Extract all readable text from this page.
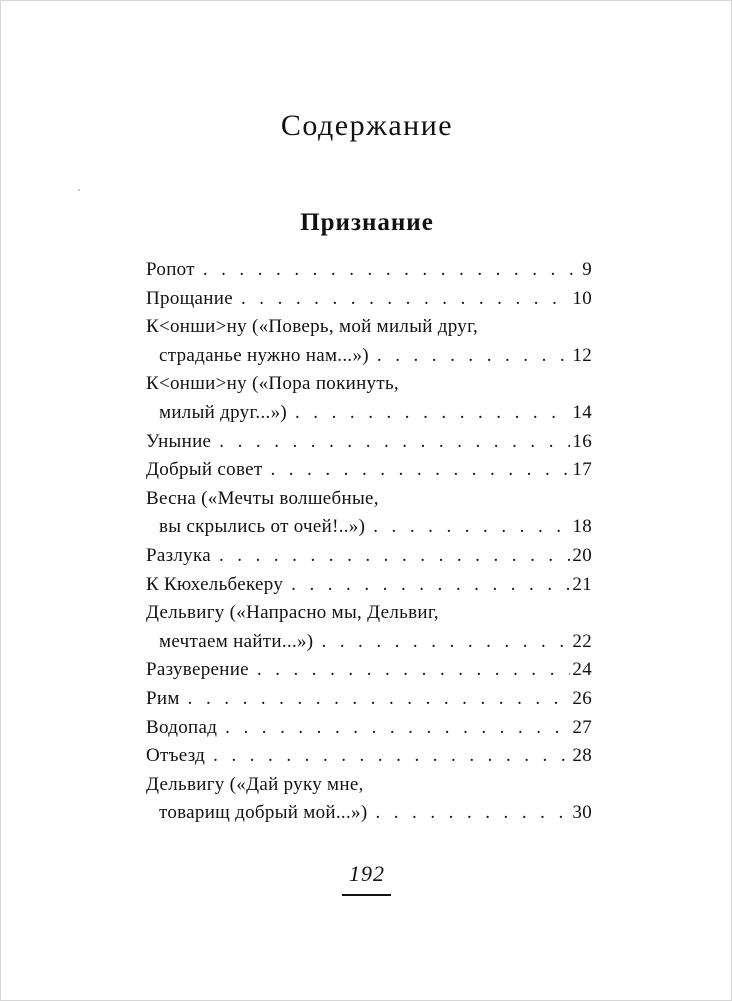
Содержание
Признание
Ропот . . .	9
Прощание . . .	10
К<онши>ну («Поверь, мой милый друг,
страданье нужно нам...») . . .	12
К<онши>ну («Пора покинуть,
милый друг...») . . .	14
Уныние . . .	16
Добрый совет . . .	17
Весна («Мечты волшебные,
вы скрылись от очей!..») . . .	18
Разлука . . .	20
К Кюхельбекеру . . .	21
Дельвигу («Напрасно мы, Дельвиг,
мечтаем найти...») . . .	22
Разуверение . . .	24
Рим . . .	26
Водопад . . .	27
Отъезд . . .	28
Дельвигу («Дай руку мне,
товарищ добрый мой...») . . .	30
192
